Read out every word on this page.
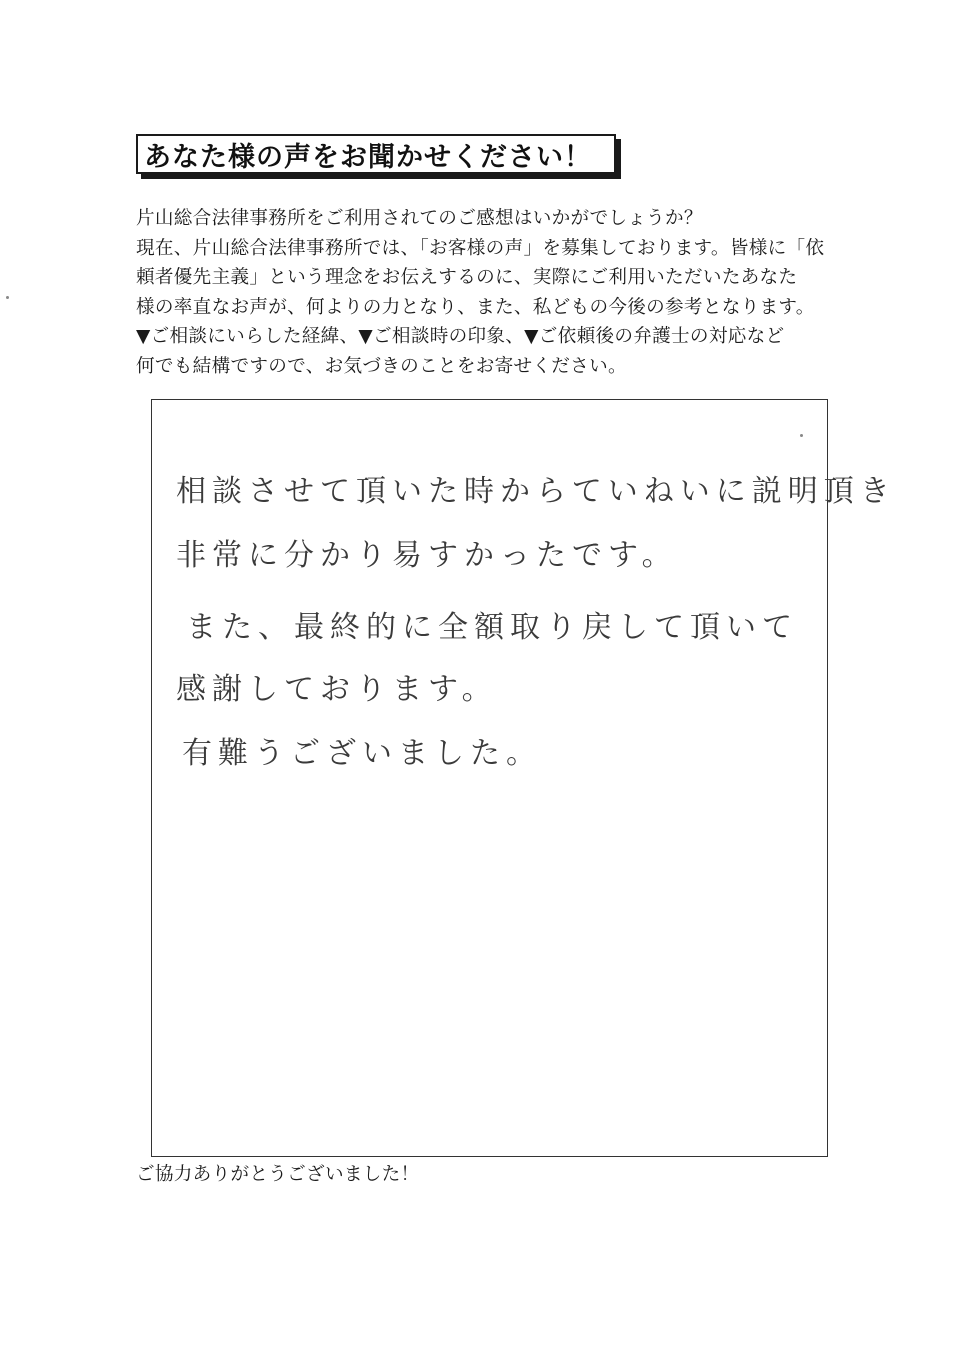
あなた様の声をお聞かせください！
片山総合法律事務所をご利用されてのご感想はいかがでしょうか？
現在、片山総合法律事務所では、「お客様の声」を募集しております。皆様に「依
頼者優先主義」という理念をお伝えするのに、実際にご利用いただいたあなた
様の率直なお声が、何よりの力となり、また、私どもの今後の参考となります。
▼ご相談にいらした経緯、▼ご相談時の印象、▼ご依頼後の弁護士の対応など
何でも結構ですので、お気づきのことをお寄せください。
相談させて頂いた時からていねいに説明頂き
非常に分かり易すかったです。
また、最終的に全額取り戻して頂いて
感謝しております。
有難うございました。
ご協力ありがとうございました！
